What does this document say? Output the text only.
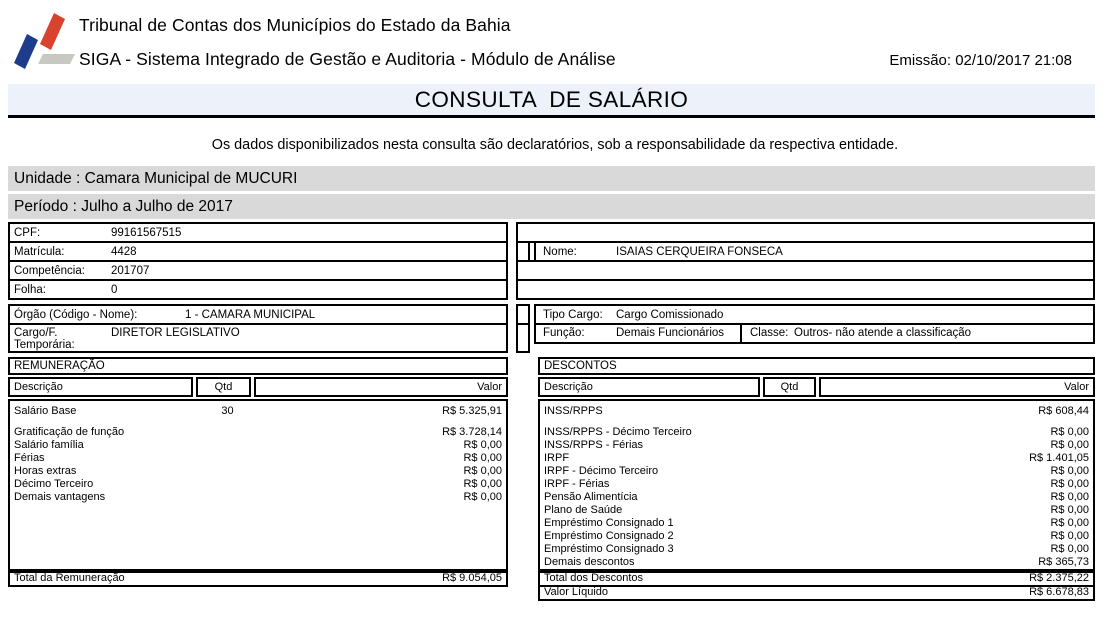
Tribunal de Contas dos Municípios do Estado da Bahia
SIGA - Sistema Integrado de Gestão e Auditoria - Módulo de Análise	Emissão: 02/10/2017 21:08
CONSULTA  DE SALÁRIO
Os dados disponibilizados nesta consulta são declaratórios, sob a responsabilidade da respectiva entidade.
Unidade : Camara Municipal de MUCURI
Período : Julho a Julho de 2017
CPF:	99161567515
Matrícula:	4428	Nome:	ISAIAS CERQUEIRA FONSECA
Competência:	201707
Folha:	0
Órgão (Código - Nome):	1 - CAMARA MUNICIPAL	Tipo Cargo:	Cargo Comissionado
Cargo/F.
Temporária:
DIRETOR LEGISLATIVO	Função:	Demais Funcionários	Classe: Outros- não atende a classificação
REMUNERAÇÃO
Descrição	Qtd	Valor
Salário Base	30	R$ 5.325,91
Gratificação de função	R$ 3.728,14
Salário família	R$ 0,00
Férias	R$ 0,00
Horas extras	R$ 0,00
Décimo Terceiro	R$ 0,00
Demais vantagens	R$ 0,00
Total da Remuneração	R$ 9.054,05
DESCONTOS
Descrição	Qtd	Valor
INSS/RPPS	R$ 608,44
INSS/RPPS - Décimo Terceiro	R$ 0,00
INSS/RPPS - Férias	R$ 0,00
IRPF	R$ 1.401,05
IRPF - Décimo Terceiro	R$ 0,00
IRPF - Férias	R$ 0,00
Pensão Alimentícia	R$ 0,00
Plano de Saúde	R$ 0,00
Empréstimo Consignado 1	R$ 0,00
Empréstimo Consignado 2	R$ 0,00
Empréstimo Consignado 3	R$ 0,00
Demais descontos	R$ 365,73
Total dos Descontos	R$ 2.375,22
Valor Líquido	R$ 6.678,83
